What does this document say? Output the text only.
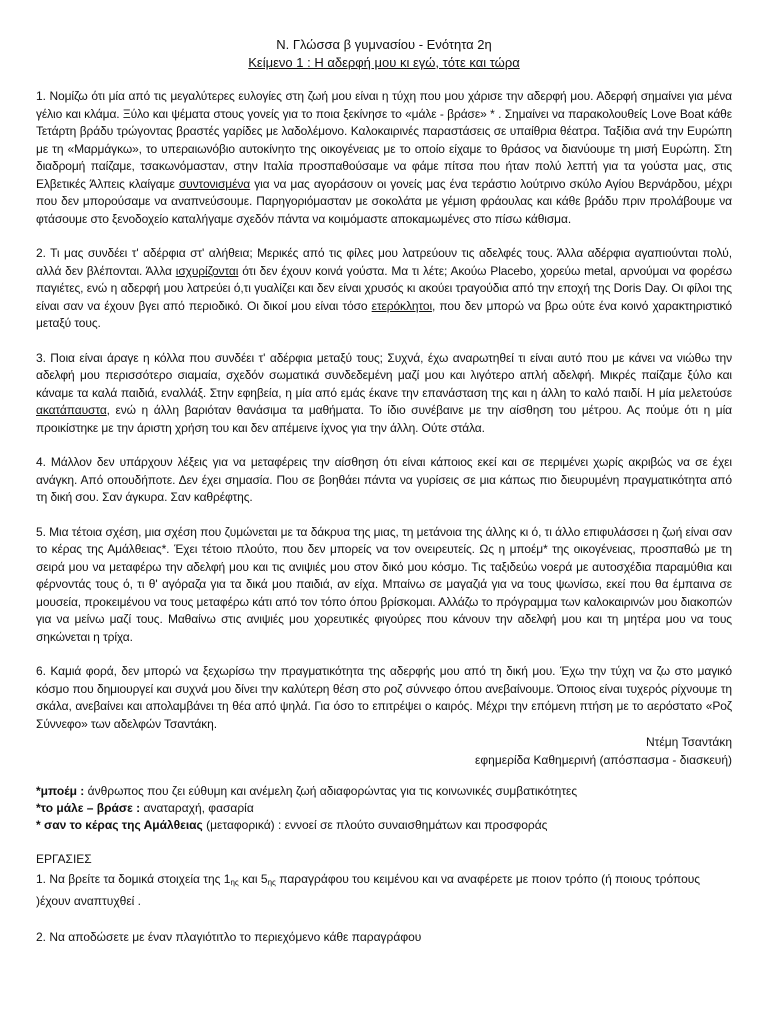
Ν. Γλώσσα β γυμνασίου - Ενότητα 2η
Κείμενο 1 : Η αδερφή μου κι εγώ, τότε και τώρα

1. Νομίζω ότι μία από τις μεγαλύτερες ευλογίες στη ζωή μου είναι η τύχη που μου χάρισε την αδερφή μου. Αδερφή σημαίνει για μένα γέλιο και κλάμα. Ξύλο και ψέματα στους γονείς για το ποια ξεκίνησε το «μάλε - βράσε» * . Σημαίνει να παρακολουθείς Love Boat κάθε Τετάρτη βράδυ τρώγοντας βραστές γαρίδες με λαδολέμονο. Καλοκαιρινές παραστάσεις σε υπαίθρια θέατρα. Ταξίδια ανά την Ευρώπη με τη «Μαρμάγκω», το υπεραιωνόβιο αυτοκίνητο της οικογένειας με το οποίο είχαμε το θράσος να διανύουμε τη μισή Ευρώπη. Στη διαδρομή παίζαμε, τσακωνόμασταν, στην Ιταλία προσπαθούσαμε να φάμε πίτσα που ήταν πολύ λεπτή για τα γούστα μας, στις Ελβετικές Άλπεις κλαίγαμε συντονισμένα για να μας αγοράσουν οι γονείς μας ένα τεράστιο λούτρινο σκύλο Αγίου Βερνάρδου, μέχρι που δεν μπορούσαμε να αναπνεύσουμε. Παρηγοριόμασταν με σοκολάτα με γέμιση φράουλας και κάθε βράδυ πριν προλάβουμε να φτάσουμε στο ξενοδοχείο καταλήγαμε σχεδόν πάντα να κοιμόμαστε αποκαμωμένες στο πίσω κάθισμα.

2. Τι μας συνδέει τ' αδέρφια στ' αλήθεια; Μερικές από τις φίλες μου λατρεύουν τις αδελφές τους. Άλλα αδέρφια αγαπιούνται πολύ, αλλά δεν βλέπονται. Άλλα ισχυρίζονται ότι δεν έχουν κοινά γούστα. Μα τι λέτε; Ακούω Placebo, χορεύω metal, αρνούμαι να φορέσω παγιέτες, ενώ η αδερφή μου λατρεύει ό,τι γυαλίζει και δεν είναι χρυσός κι ακούει τραγούδια από την εποχή της Doris Day. Οι φίλοι της είναι σαν να έχουν βγει από περιοδικό. Οι δικοί μου είναι τόσο ετερόκλητοι, που δεν μπορώ να βρω ούτε ένα κοινό χαρακτηριστικό μεταξύ τους.

3. Ποια είναι άραγε η κόλλα που συνδέει τ' αδέρφια μεταξύ τους; Συχνά, έχω αναρωτηθεί τι είναι αυτό που με κάνει να νιώθω την αδελφή μου περισσότερο σιαμαία, σχεδόν σωματικά συνδεδεμένη μαζί μου και λιγότερο απλή αδελφή. Μικρές παίζαμε ξύλο και κάναμε τα καλά παιδιά, εναλλάξ. Στην εφηβεία, η μία από εμάς έκανε την επανάσταση της και η άλλη το καλό παιδί. Η μία μελετούσε ακατάπαυστα, ενώ η άλλη βαριόταν θανάσιμα τα μαθήματα. Το ίδιο συνέβαινε με την αίσθηση του μέτρου. Ας πούμε ότι η μία προικίστηκε με την άριστη χρήση του και δεν απέμεινε ίχνος για την άλλη. Ούτε στάλα.

4. Μάλλον δεν υπάρχουν λέξεις για να μεταφέρεις την αίσθηση ότι είναι κάποιος εκεί και σε περιμένει χωρίς ακριβώς να σε έχει ανάγκη. Από οπουδήποτε. Δεν έχει σημασία. Που σε βοηθάει πάντα να γυρίσεις σε μια κάπως πιο διευρυμένη πραγματικότητα από τη δική σου. Σαν άγκυρα. Σαν καθρέφτης.

5. Μια τέτοια σχέση, μια σχέση που ζυμώνεται με τα δάκρυα της μιας, τη μετάνοια της άλλης κι ό, τι άλλο επιφυλάσσει η ζωή είναι σαν το κέρας της Αμάλθειας*. Έχει τέτοιο πλούτο, που δεν μπορείς να τον ονειρευτείς. Ως η μποέμ* της οικογένειας, προσπαθώ με τη σειρά μου να μεταφέρω την αδελφή μου και τις ανιψιές μου στον δικό μου κόσμο. Τις ταξιδεύω νοερά με αυτοσχέδια παραμύθια και φέρνοντάς τους ό, τι θ' αγόραζα για τα δικά μου παιδιά, αν είχα. Μπαίνω σε μαγαζιά για να τους ψωνίσω, εκεί που θα έμπαινα σε μουσεία, προκειμένου να τους μεταφέρω κάτι από τον τόπο όπου βρίσκομαι. Αλλάζω το πρόγραμμα των καλοκαιρινών μου διακοπών για να μείνω μαζί τους. Μαθαίνω στις ανιψιές μου χορευτικές φιγούρες που κάνουν την αδελφή μου και τη μητέρα μου να τους σηκώνεται η τρίχα.

6. Καμιά φορά, δεν μπορώ να ξεχωρίσω την πραγματικότητα της αδερφής μου από τη δική μου. Έχω την τύχη να ζω στο μαγικό κόσμο που δημιουργεί και συχνά μου δίνει την καλύτερη θέση στο ροζ σύννεφο όπου ανεβαίνουμε. Όποιος είναι τυχερός ρίχνουμε τη σκάλα, ανεβαίνει και απολαμβάνει τη θέα από ψηλά. Για όσο το επιτρέψει ο καιρός. Μέχρι την επόμενη πτήση με το αερόστατο «Ροζ Σύννεφο» των αδελφών Τσαντάκη.

Ντέμη Τσαντάκη
εφημερίδα Καθημερινή (απόσπασμα - διασκευή)
*μποέμ : άνθρωπος που ζει εύθυμη και ανέμελη ζωή αδιαφορώντας για τις κοινωνικές συμβατικότητες
*το μάλε – βράσε : αναταραχή, φασαρία
* σαν το κέρας της Αμάλθειας (μεταφορικά) : εννοεί σε πλούτο συναισθημάτων και προσφοράς
ΕΡΓΑΣΙΕΣ
1. Να βρείτε τα δομικά στοιχεία της $1_{\eta\varsigma}$ και $5_{\eta\varsigma}$ παραγράφου του κειμένου και να αναφέρετε με ποιον τρόπο (ή ποιους τρόπους )έχουν αναπτυχθεί .
2. Να αποδώσετε με έναν πλαγιότιτλο το περιεχόμενο κάθε παραγράφου
